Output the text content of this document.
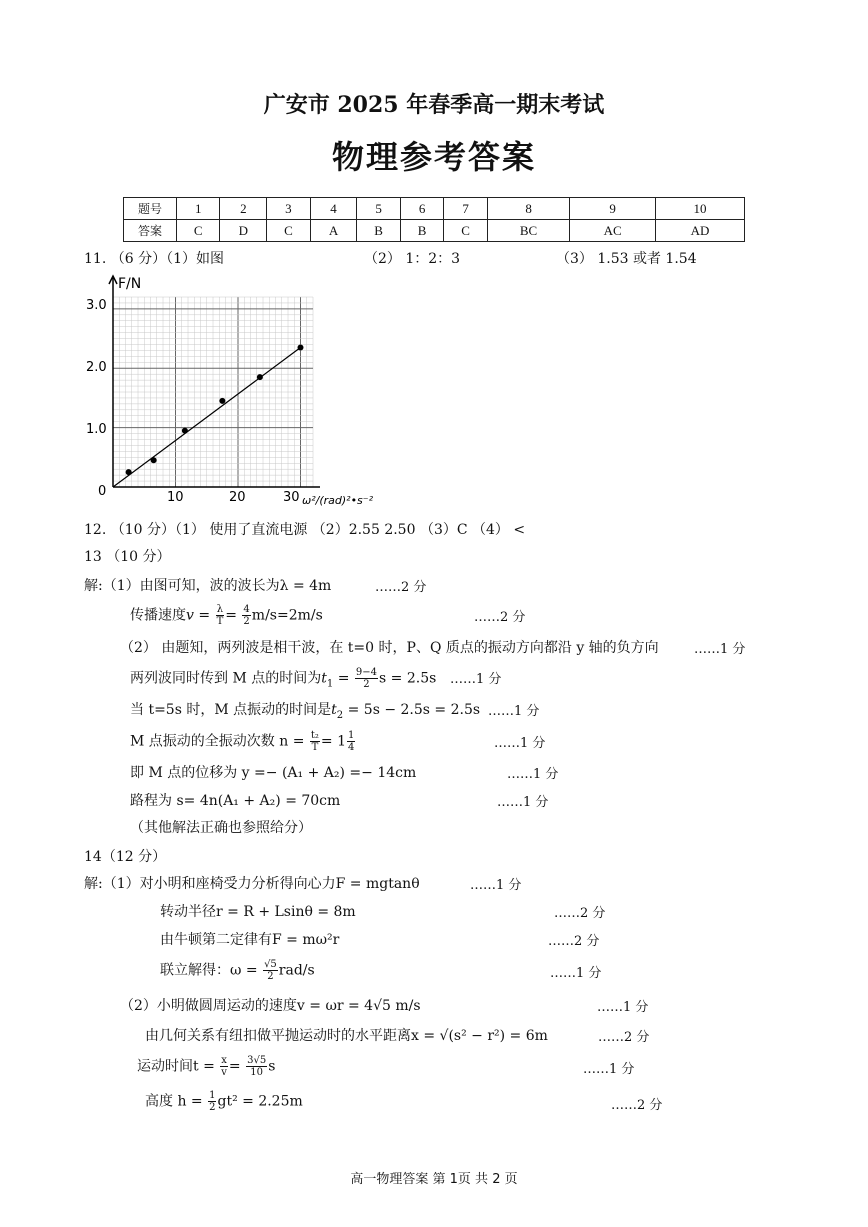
广安市 2025 年春季高一期末考试
物理参考答案
题号	1	2	3	4	5	6	7	8	9	10
答案	C	D	C	A	B	B	C	BC	AC	AD
11. （6 分）（1）如图	（2） 1：2：3	（3） 1.53 或者 1.54
F/N
ω²/(rad)²•s⁻²
0
1.0
2.0
3.0
10	20	30
12. （10 分）（1） 使用了直流电源 （2）2.55 2.50 （3）C （4） <
13 （10 分）
解:（1）由图可知，波的波长为λ = 4m	……2 分
传播速度$v = \frac{\lambda}{T} = \frac{4}{2} m/s=2m/s$	……2 分
（2） 由题知，两列波是相干波，在 t=0 时，P、Q 质点的振动方向都沿 y 轴的负方向	……1 分
两列波同时传到 M 点的时间为$t_1 = \frac{9-4}{2}$ s = 2.5s ……1 分
当 t=5s 时，M 点振动的时间是$t_2 = 5s - 2.5s = 2.5s$ ……1 分
M 点振动的全振动次数 $n = \frac{\text{t₂}}{T} = 1 \frac{1}{4}$	……1 分
即 M 点的位移为 y =− (A₁ + A₂) =− 14cm	……1 分
路程为 s= 4n(A₁ + A₂) = 70cm	……1 分
（其他解法正确也参照给分）
14（12 分）
解:（1）对小明和座椅受力分析得向心力F = mgtanθ	……1 分
转动半径r = R + Lsinθ = 8m	……2 分
由牛顿第二定律有F = mω²r	……2 分
联立解得：$\omega = \frac{√5}{2} rad/s$	……1 分
（2）小明做圆周运动的速度v = ωr = 4√5 m/s	……1 分
由几何关系有纽扣做平抛运动时的水平距离x = √(s² − r²) = 6m	……2 分
运动时间$t = \frac{x}{v} = \frac{3√5}{10}$ s	……1 分
高度 $h = \frac{1}{2} gt^2 = 2.25m$	……2 分
高一物理答案 第 1页 共 2 页
